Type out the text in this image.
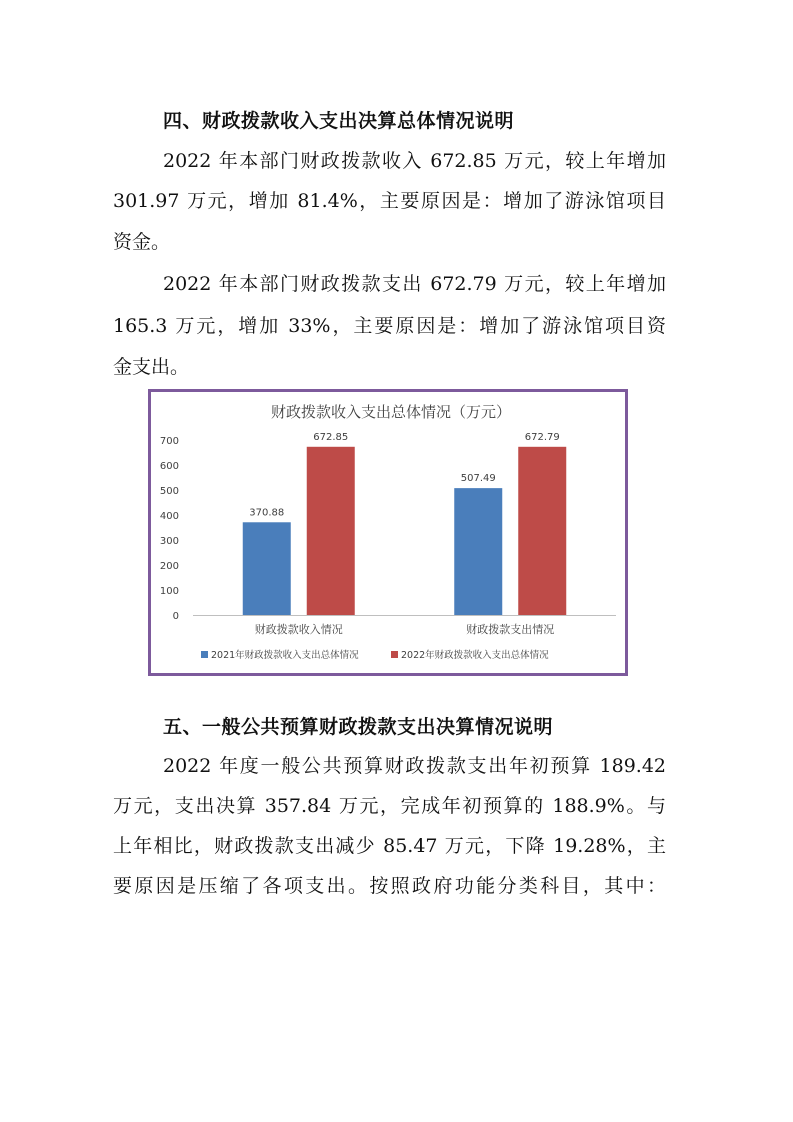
四、财政拨款收入支出决算总体情况说明
2022 年本部门财政拨款收入 672.85 万元，较上年增加
301.97 万元，增加 81.4%，主要原因是：增加了游泳馆项目
资金。
2022 年本部门财政拨款支出 672.79 万元，较上年增加
165.3 万元，增加 33%，主要原因是：增加了游泳馆项目资
金支出。
财政拨款收入支出总体情况（万元）
0
100
200
300
400
500
600
700
370.88
672.85
507.49
672.79
财政拨款收入情况	财政拨款支出情况
2021年财政拨款收入支出总体情况	2022年财政拨款收入支出总体情况
五、一般公共预算财政拨款支出决算情况说明
2022 年度一般公共预算财政拨款支出年初预算 189.42
万元，支出决算 357.84 万元，完成年初预算的 188.9%。与
上年相比，财政拨款支出减少 85.47 万元，下降 19.28%，主
要原因是压缩了各项支出。按照政府功能分类科目，其中：
